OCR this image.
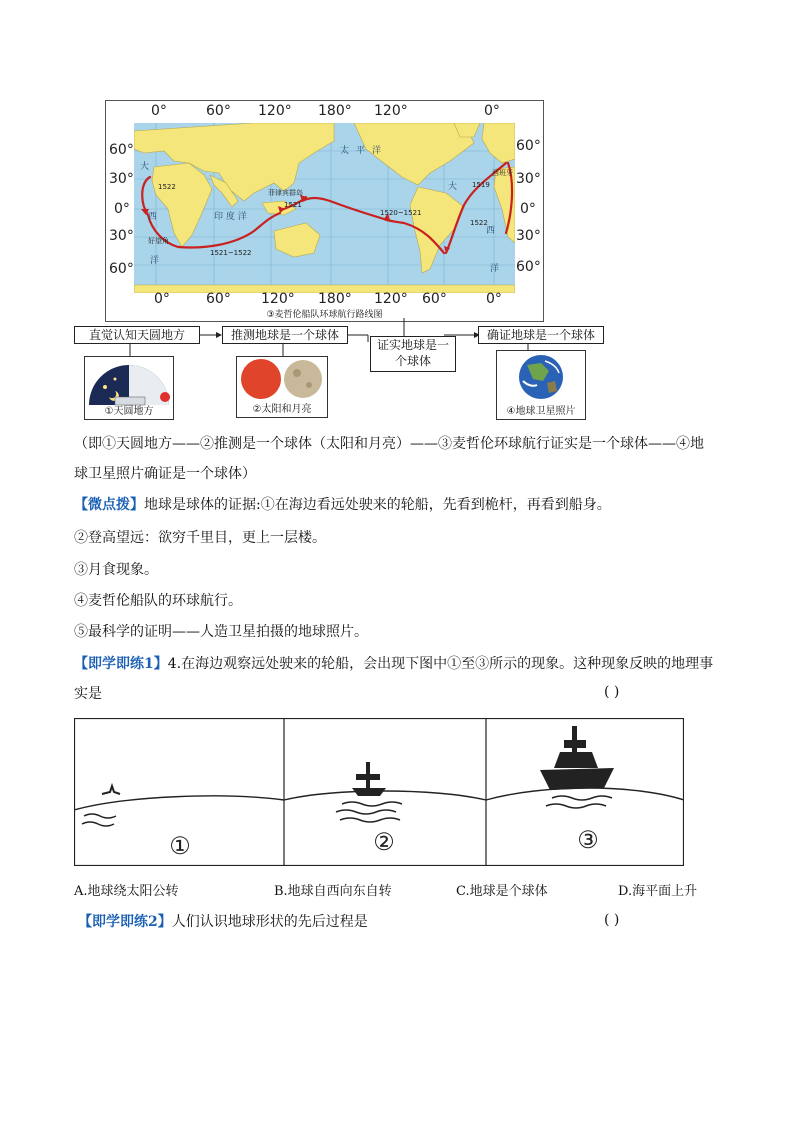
0°	60° 120° 180° 120°	0°
60°
30°
0°
30°
60°
60°
30°
0°
30°
60°
太 平 洋
印 度 洋
大
西
洋
大
西
洋
菲律宾群岛
好望角
西班牙
1522
1521
1520~1521
1521~1522
1519
1522
0°	60° 120° 180° 120° 60°	0°
③麦哲伦船队环球航行路线图
直觉认知天圆地方	推测地球是一个球体
证实地球是一
个球体
确证地球是一个球体
①天圆地方	②太阳和月亮	④地球卫星照片
（即①天圆地方——②推测是一个球体（太阳和月亮）——③麦哲伦环球航行证实是一个球体——④地
球卫星照片确证是一个球体）
【微点拨】地球是球体的证据:①在海边看远处驶来的轮船，先看到桅杆，再看到船身。
②登高望远：欲穷千里目，更上一层楼。
③月食现象。
④麦哲伦船队的环球航行。
⑤最科学的证明——人造卫星拍摄的地球照片。
【即学即练1】4.在海边观察远处驶来的轮船，会出现下图中①至③所示的现象。这种现象反映的地理事
实是	( )
①	②	③
A.地球绕太阳公转	B.地球自西向东自转	C.地球是个球体	D.海平面上升
【即学即练2】人们认识地球形状的先后过程是	( )
